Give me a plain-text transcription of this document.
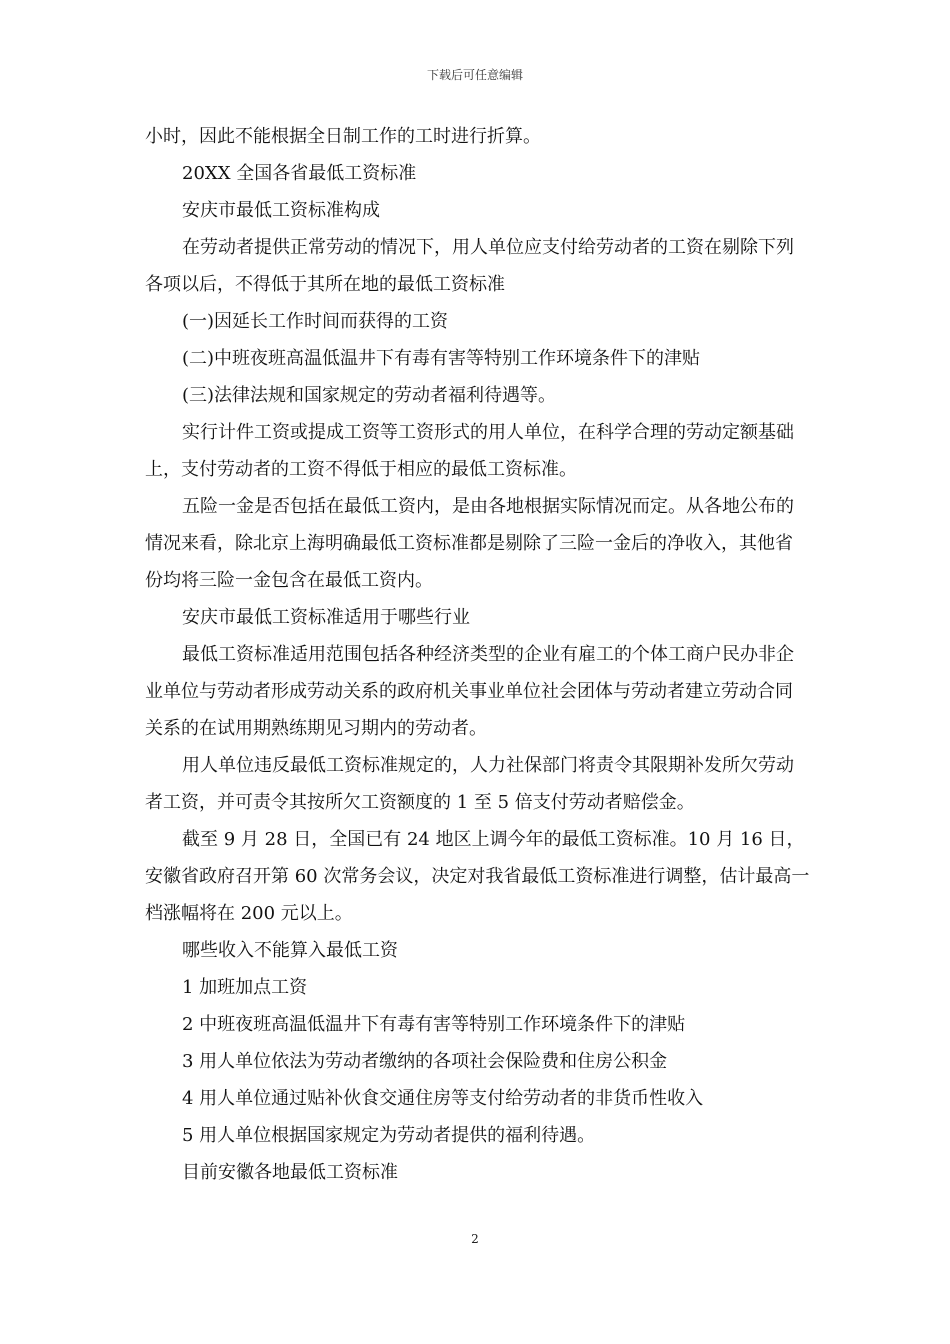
下载后可任意编辑

小时，因此不能根据全日制工作的工时进行折算。

20XX 全国各省最低工资标准

安庆市最低工资标准构成

在劳动者提供正常劳动的情况下，用人单位应支付给劳动者的工资在剔除下列各项以后，不得低于其所在地的最低工资标准

(一)因延长工作时间而获得的工资

(二)中班夜班高温低温井下有毒有害等特别工作环境条件下的津贴

(三)法律法规和国家规定的劳动者福利待遇等。

实行计件工资或提成工资等工资形式的用人单位，在科学合理的劳动定额基础上，支付劳动者的工资不得低于相应的最低工资标准。

五险一金是否包括在最低工资内，是由各地根据实际情况而定。从各地公布的情况来看，除北京上海明确最低工资标准都是剔除了三险一金后的净收入，其他省份均将三险一金包含在最低工资内。

安庆市最低工资标准适用于哪些行业

最低工资标准适用范围包括各种经济类型的企业有雇工的个体工商户民办非企业单位与劳动者形成劳动关系的政府机关事业单位社会团体与劳动者建立劳动合同关系的在试用期熟练期见习期内的劳动者。

用人单位违反最低工资标准规定的，人力社保部门将责令其限期补发所欠劳动者工资，并可责令其按所欠工资额度的 1 至 5 倍支付劳动者赔偿金。

截至 9 月 28 日，全国已有 24 地区上调今年的最低工资标准。10 月 16 日，安徽省政府召开第 60 次常务会议，决定对我省最低工资标准进行调整，估计最高一档涨幅将在 200 元以上。

哪些收入不能算入最低工资

1 加班加点工资

2 中班夜班高温低温井下有毒有害等特别工作环境条件下的津贴

3 用人单位依法为劳动者缴纳的各项社会保险费和住房公积金

4 用人单位通过贴补伙食交通住房等支付给劳动者的非货币性收入

5 用人单位根据国家规定为劳动者提供的福利待遇。

目前安徽各地最低工资标准

2
